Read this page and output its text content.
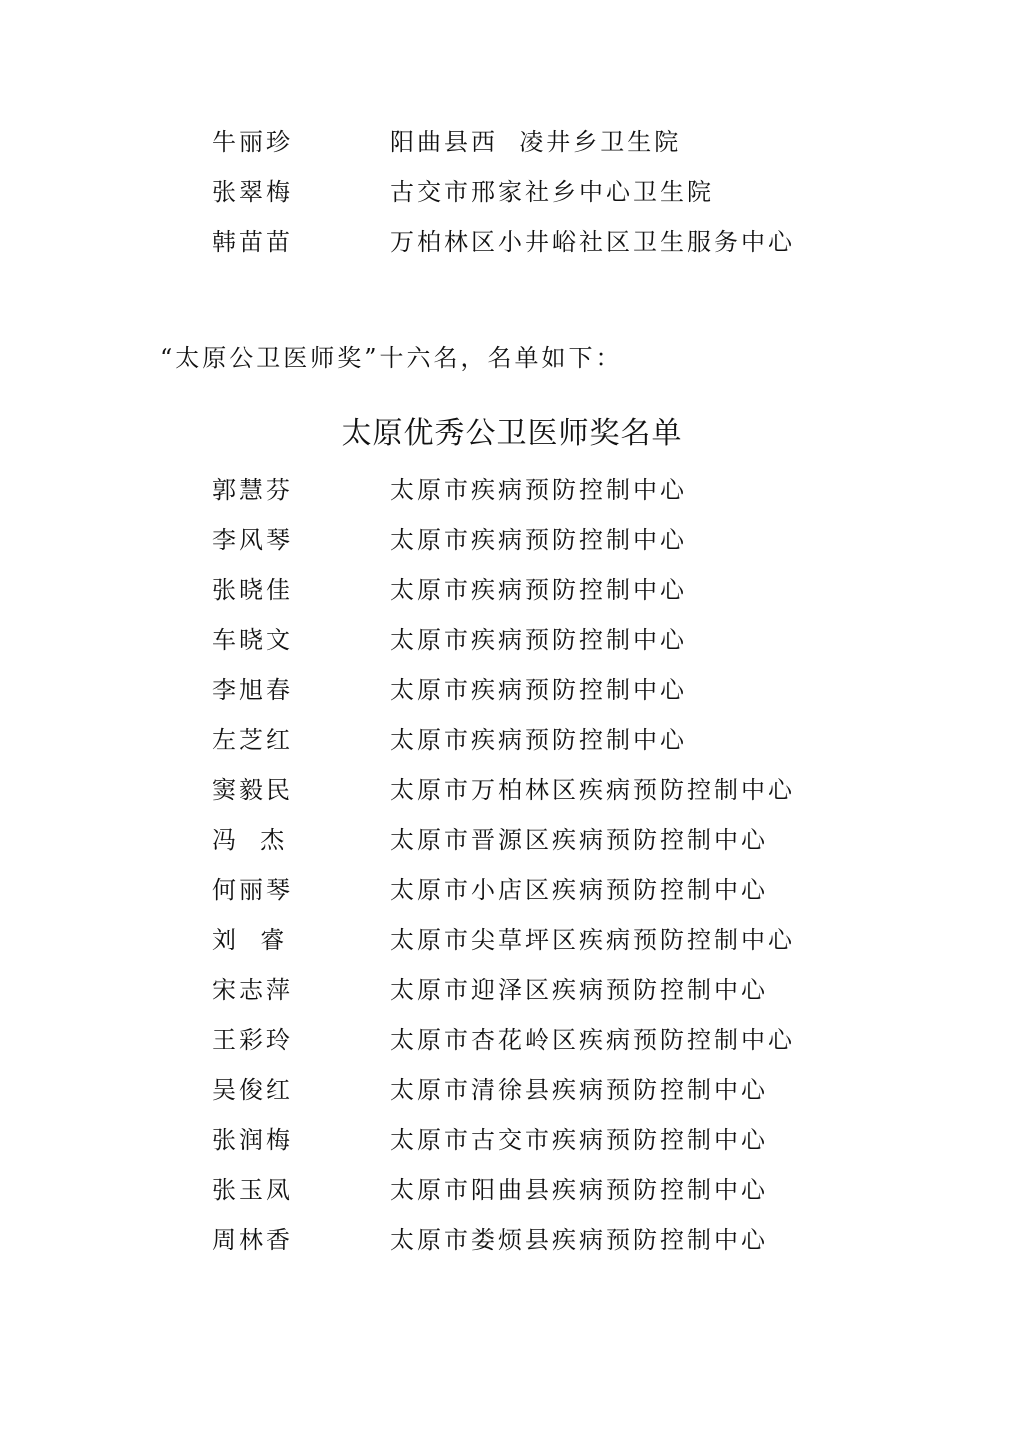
牛丽珍	阳曲县西  凌井乡卫生院
张翠梅	古交市邢家社乡中心卫生院
韩苗苗	万柏林区小井峪社区卫生服务中心
“太原公卫医师奖”十六名，名单如下：
太原优秀公卫医师奖名单
郭慧芬	太原市疾病预防控制中心
李风琴	太原市疾病预防控制中心
张晓佳	太原市疾病预防控制中心
车晓文	太原市疾病预防控制中心
李旭春	太原市疾病预防控制中心
左芝红	太原市疾病预防控制中心
窦毅民	太原市万柏林区疾病预防控制中心
冯  杰	太原市晋源区疾病预防控制中心
何丽琴	太原市小店区疾病预防控制中心
刘  睿	太原市尖草坪区疾病预防控制中心
宋志萍	太原市迎泽区疾病预防控制中心
王彩玲	太原市杏花岭区疾病预防控制中心
吴俊红	太原市清徐县疾病预防控制中心
张润梅	太原市古交市疾病预防控制中心
张玉凤	太原市阳曲县疾病预防控制中心
周林香	太原市娄烦县疾病预防控制中心
